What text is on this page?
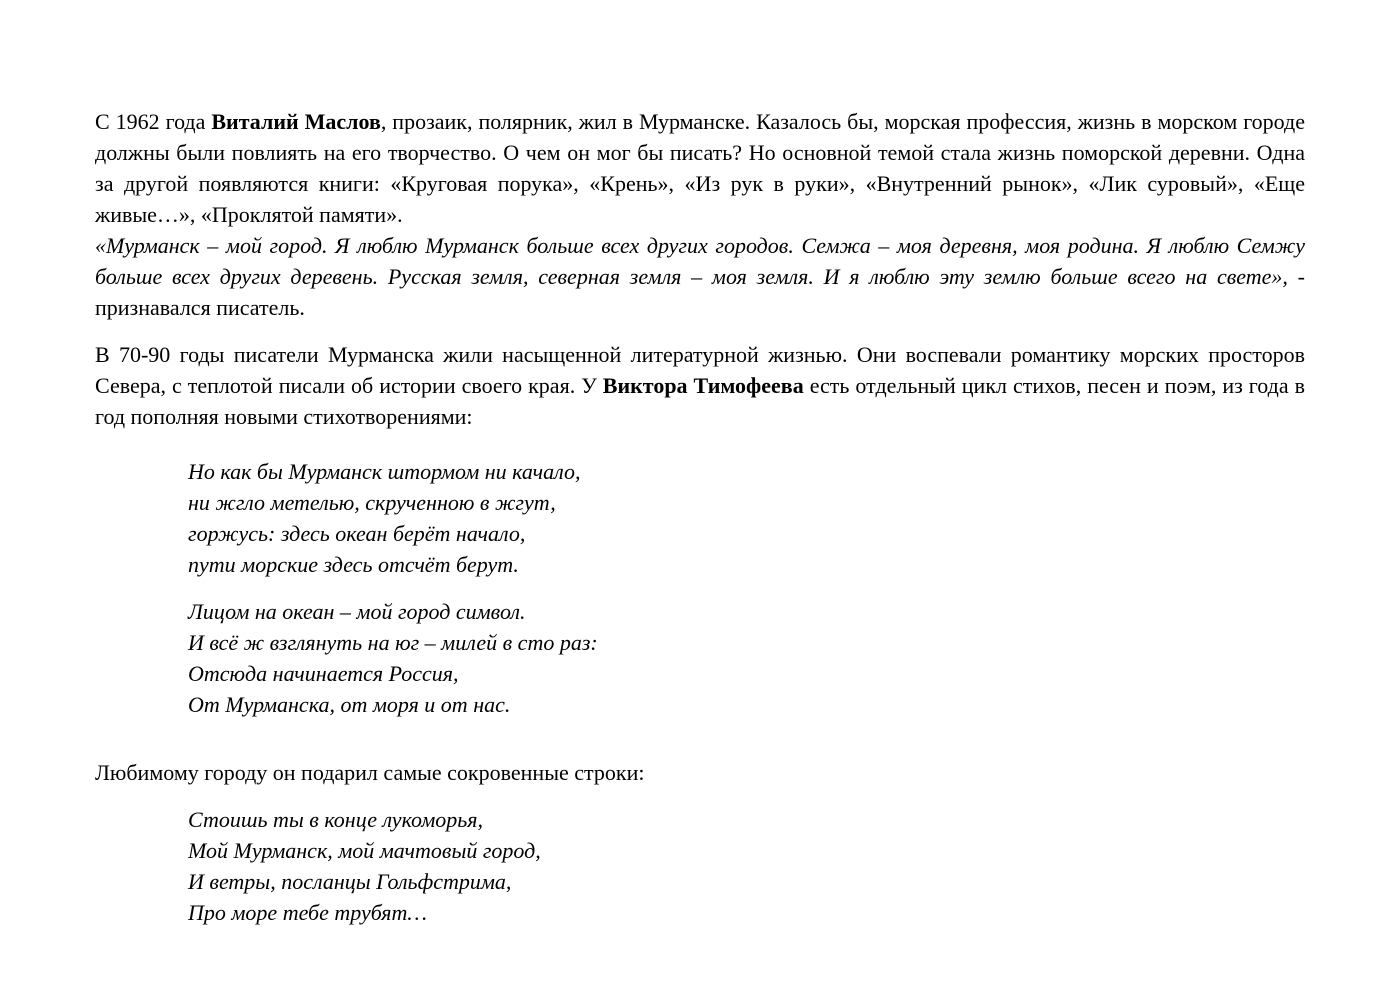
С 1962 года Виталий Маслов, прозаик, полярник, жил в Мурманске. Казалось бы, морская профессия, жизнь в морском городе должны были повлиять на его творчество. О чем он мог бы писать? Но основной темой стала жизнь поморской деревни. Одна за другой появляются книги: «Круговая порука», «Крень», «Из рук в руки», «Внутренний рынок», «Лик суровый», «Еще живые…», «Проклятой памяти».

«Мурманск – мой город. Я люблю Мурманск больше всех других городов. Семжа – моя деревня, моя родина. Я люблю Семжу больше всех других деревень. Русская земля, северная земля – моя земля. И я люблю эту землю больше всего на свете», - признавался писатель.

В 70-90 годы писатели Мурманска жили насыщенной литературной жизнью. Они воспевали романтику морских просторов Севера, с теплотой писали об истории своего края. У Виктора Тимофеева есть отдельный цикл стихов, песен и поэм, из года в год пополняя новыми стихотворениями:

Но как бы Мурманск штормом ни качало,
ни жгло метелью, скрученною в жгут,
горжусь: здесь океан берёт начало,
пути морские здесь отсчёт берут.
Лицом на океан – мой город символ.
И всё ж взглянуть на юг – милей в сто раз:
Отсюда начинается Россия,
От Мурманска, от моря и от нас.

Любимому городу он подарил самые сокровенные строки:

Стоишь ты в конце лукоморья,
Мой Мурманск, мой мачтовый город,
И ветры, посланцы Гольфстрима,
Про море тебе трубят…
